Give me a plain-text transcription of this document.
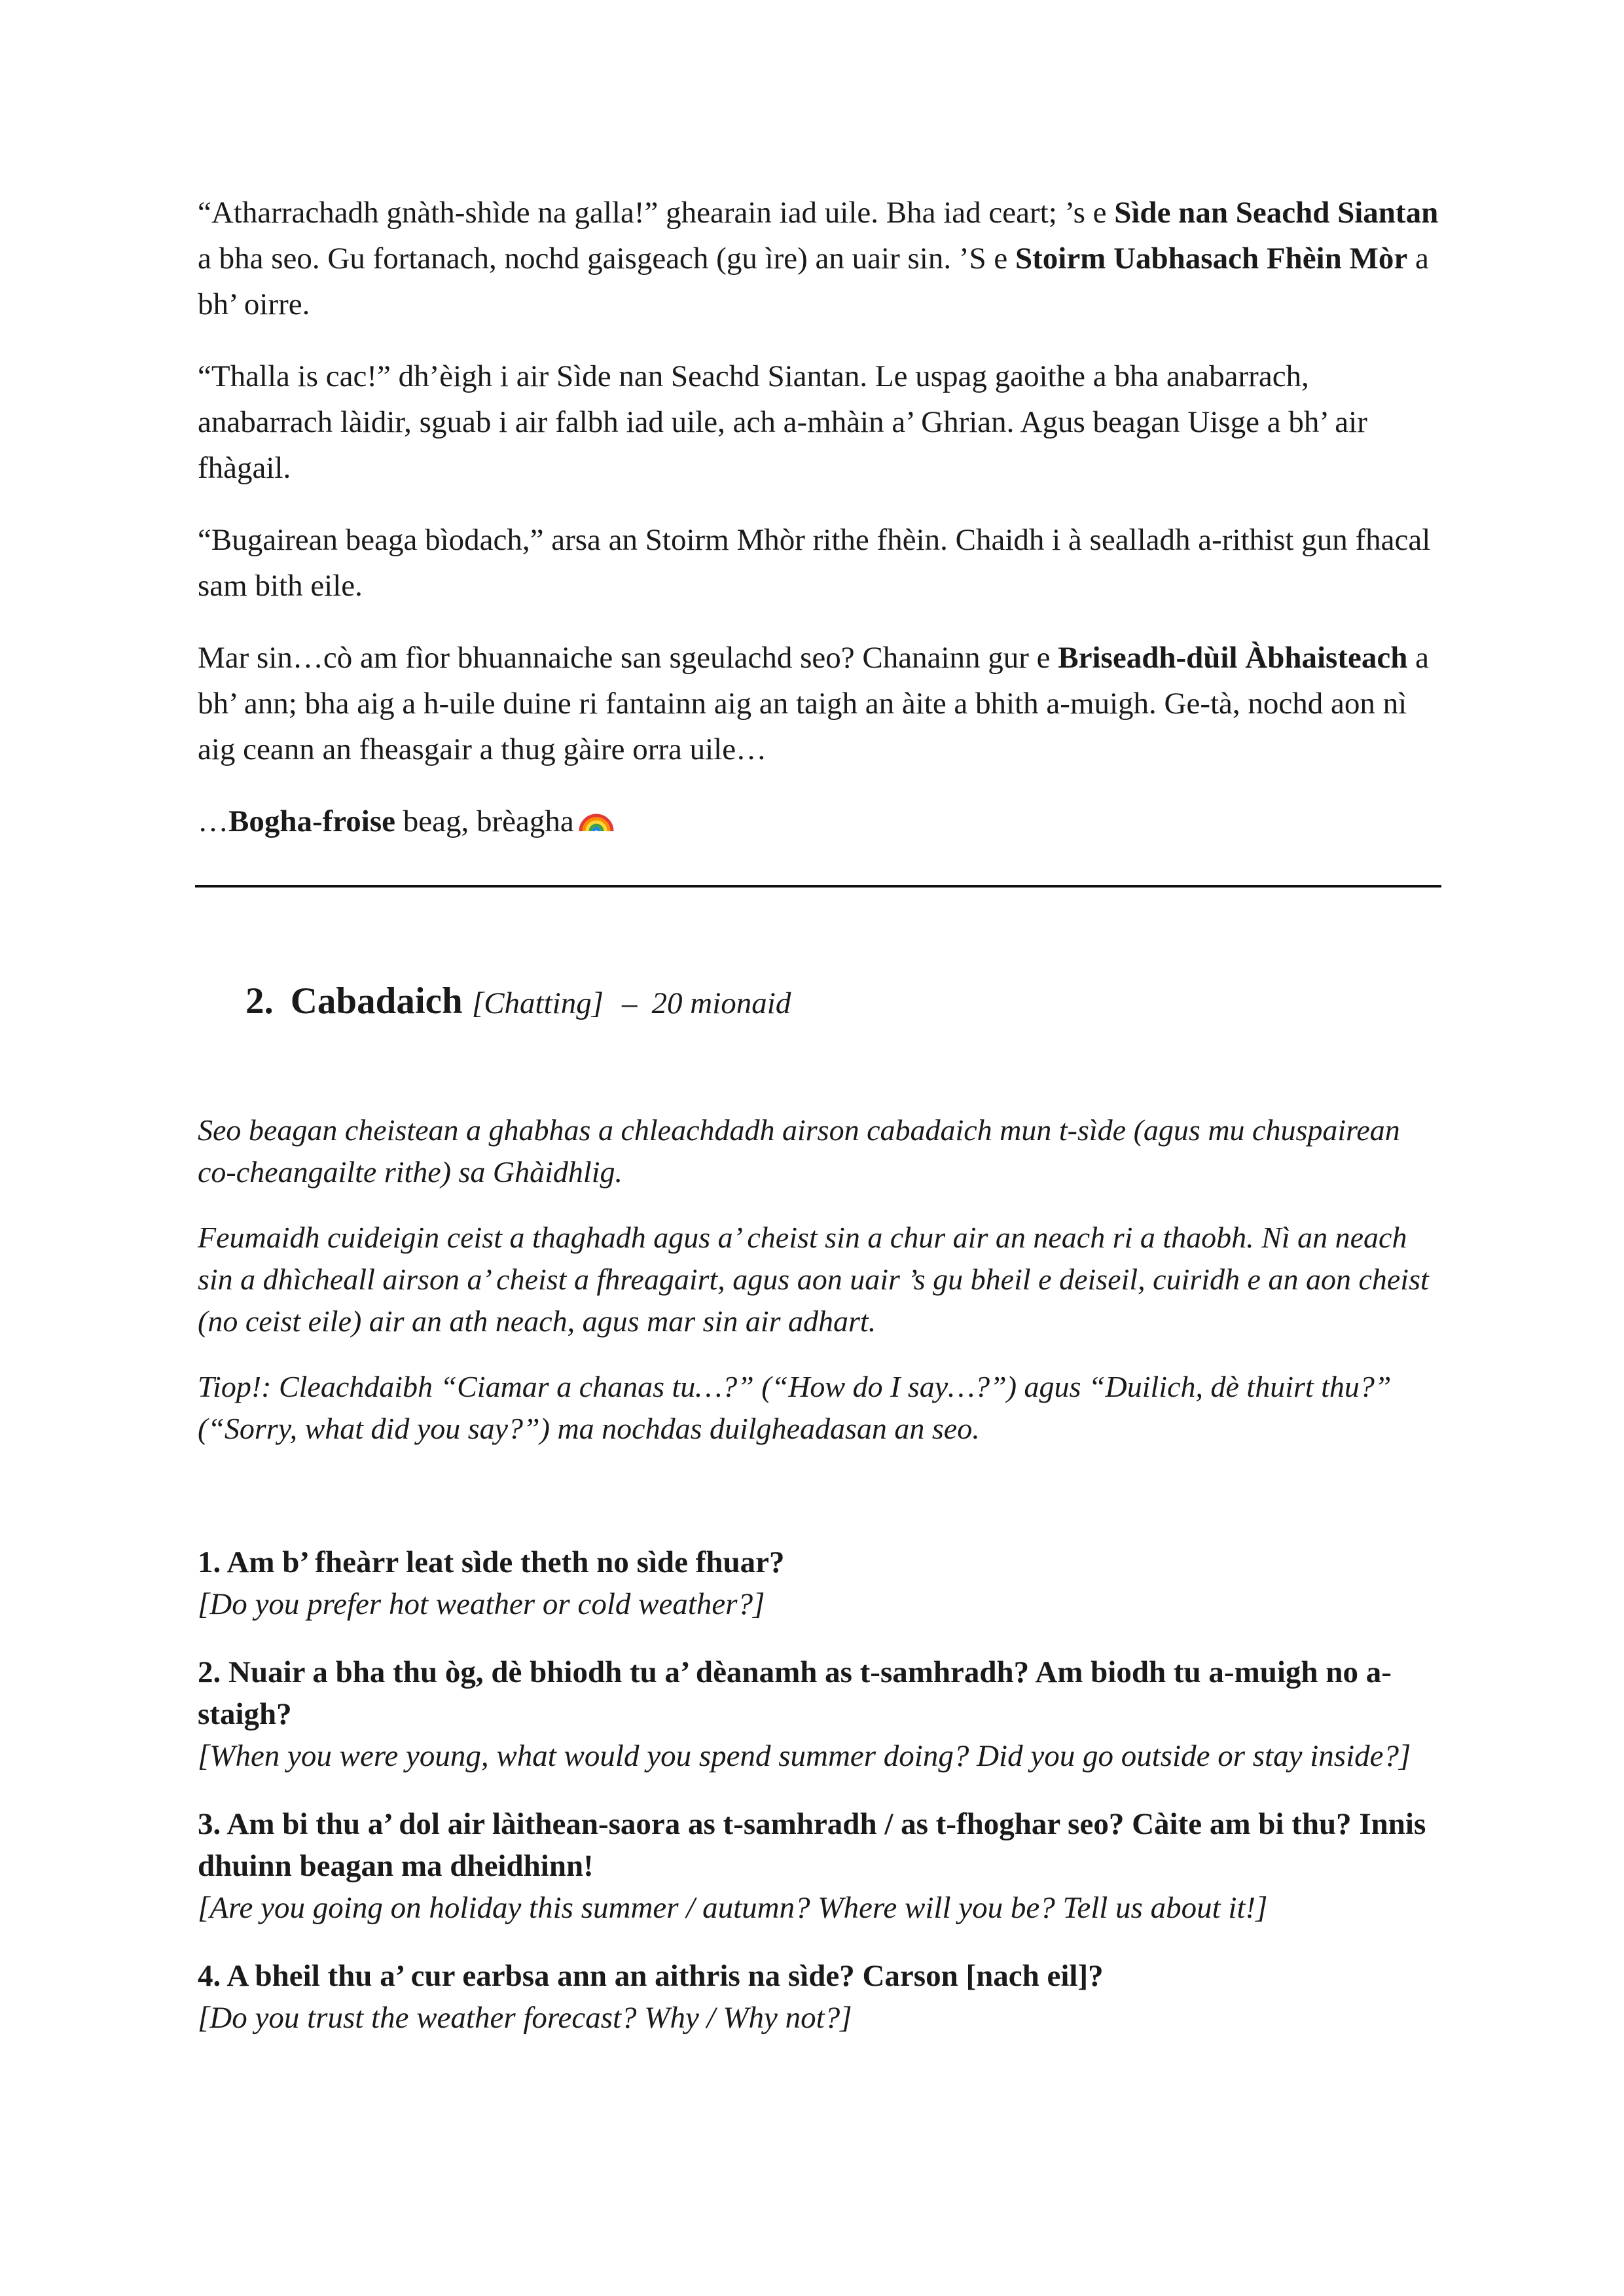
“Atharrachadh gnàth-shìde na galla!” ghearain iad uile. Bha iad ceart; ’s e Sìde nan Seachd Siantan a bha seo. Gu fortanach, nochd gaisgeach (gu ìre) an uair sin. ’S e Stoirm Uabhasach Fhèin Mòr a bh’ oirre.

“Thalla is cac!” dh’èigh i air Sìde nan Seachd Siantan. Le uspag gaoithe a bha anabarrach, anabarrach làidir, sguab i air falbh iad uile, ach a-mhàin a’ Ghrian. Agus beagan Uisge a bh’ air fhàgail.

“Bugairean beaga bìodach,” arsa an Stoirm Mhòr rithe fhèin. Chaidh i à sealladh a-rithist gun fhacal sam bith eile.

Mar sin…cò am fìor bhuannaiche san sgeulachd seo? Chanainn gur e Briseadh-dùil Àbhaisteach a bh’ ann; bha aig a h-uile duine ri fantainn aig an taigh an àite a bhith a-muigh. Ge-tà, nochd aon nì aig ceann an fheasgair a thug gàire orra uile…

…Bogha-froise beag, brèagha

2. Cabadaich [Chatting] – 20 mionaid

Seo beagan cheistean a ghabhas a chleachdadh airson cabadaich mun t-sìde (agus mu chuspairean co-cheangailte rithe) sa Ghàidhlig.

Feumaidh cuideigin ceist a thaghadh agus a’ cheist sin a chur air an neach ri a thaobh. Nì an neach sin a dhìcheall airson a’ cheist a fhreagairt, agus aon uair ’s gu bheil e deiseil, cuiridh e an aon cheist (no ceist eile) air an ath neach, agus mar sin air adhart.

Tiop!: Cleachdaibh “Ciamar a chanas tu…?” (“How do I say…?”) agus “Duilich, dè thuirt thu?” (“Sorry, what did you say?”) ma nochdas duilgheadasan an seo.

1. Am b’ fheàrr leat sìde theth no sìde fhuar?
[Do you prefer hot weather or cold weather?]
2. Nuair a bha thu òg, dè bhiodh tu a’ dèanamh as t-samhradh? Am biodh tu a-muigh no a-staigh?
[When you were young, what would you spend summer doing? Did you go outside or stay inside?]
3. Am bi thu a’ dol air làithean-saora as t-samhradh / as t-fhoghar seo? Càite am bi thu? Innis dhuinn beagan ma dheidhinn!
[Are you going on holiday this summer / autumn? Where will you be? Tell us about it!]
4. A bheil thu a’ cur earbsa ann an aithris na sìde? Carson [nach eil]?
[Do you trust the weather forecast? Why / Why not?]
